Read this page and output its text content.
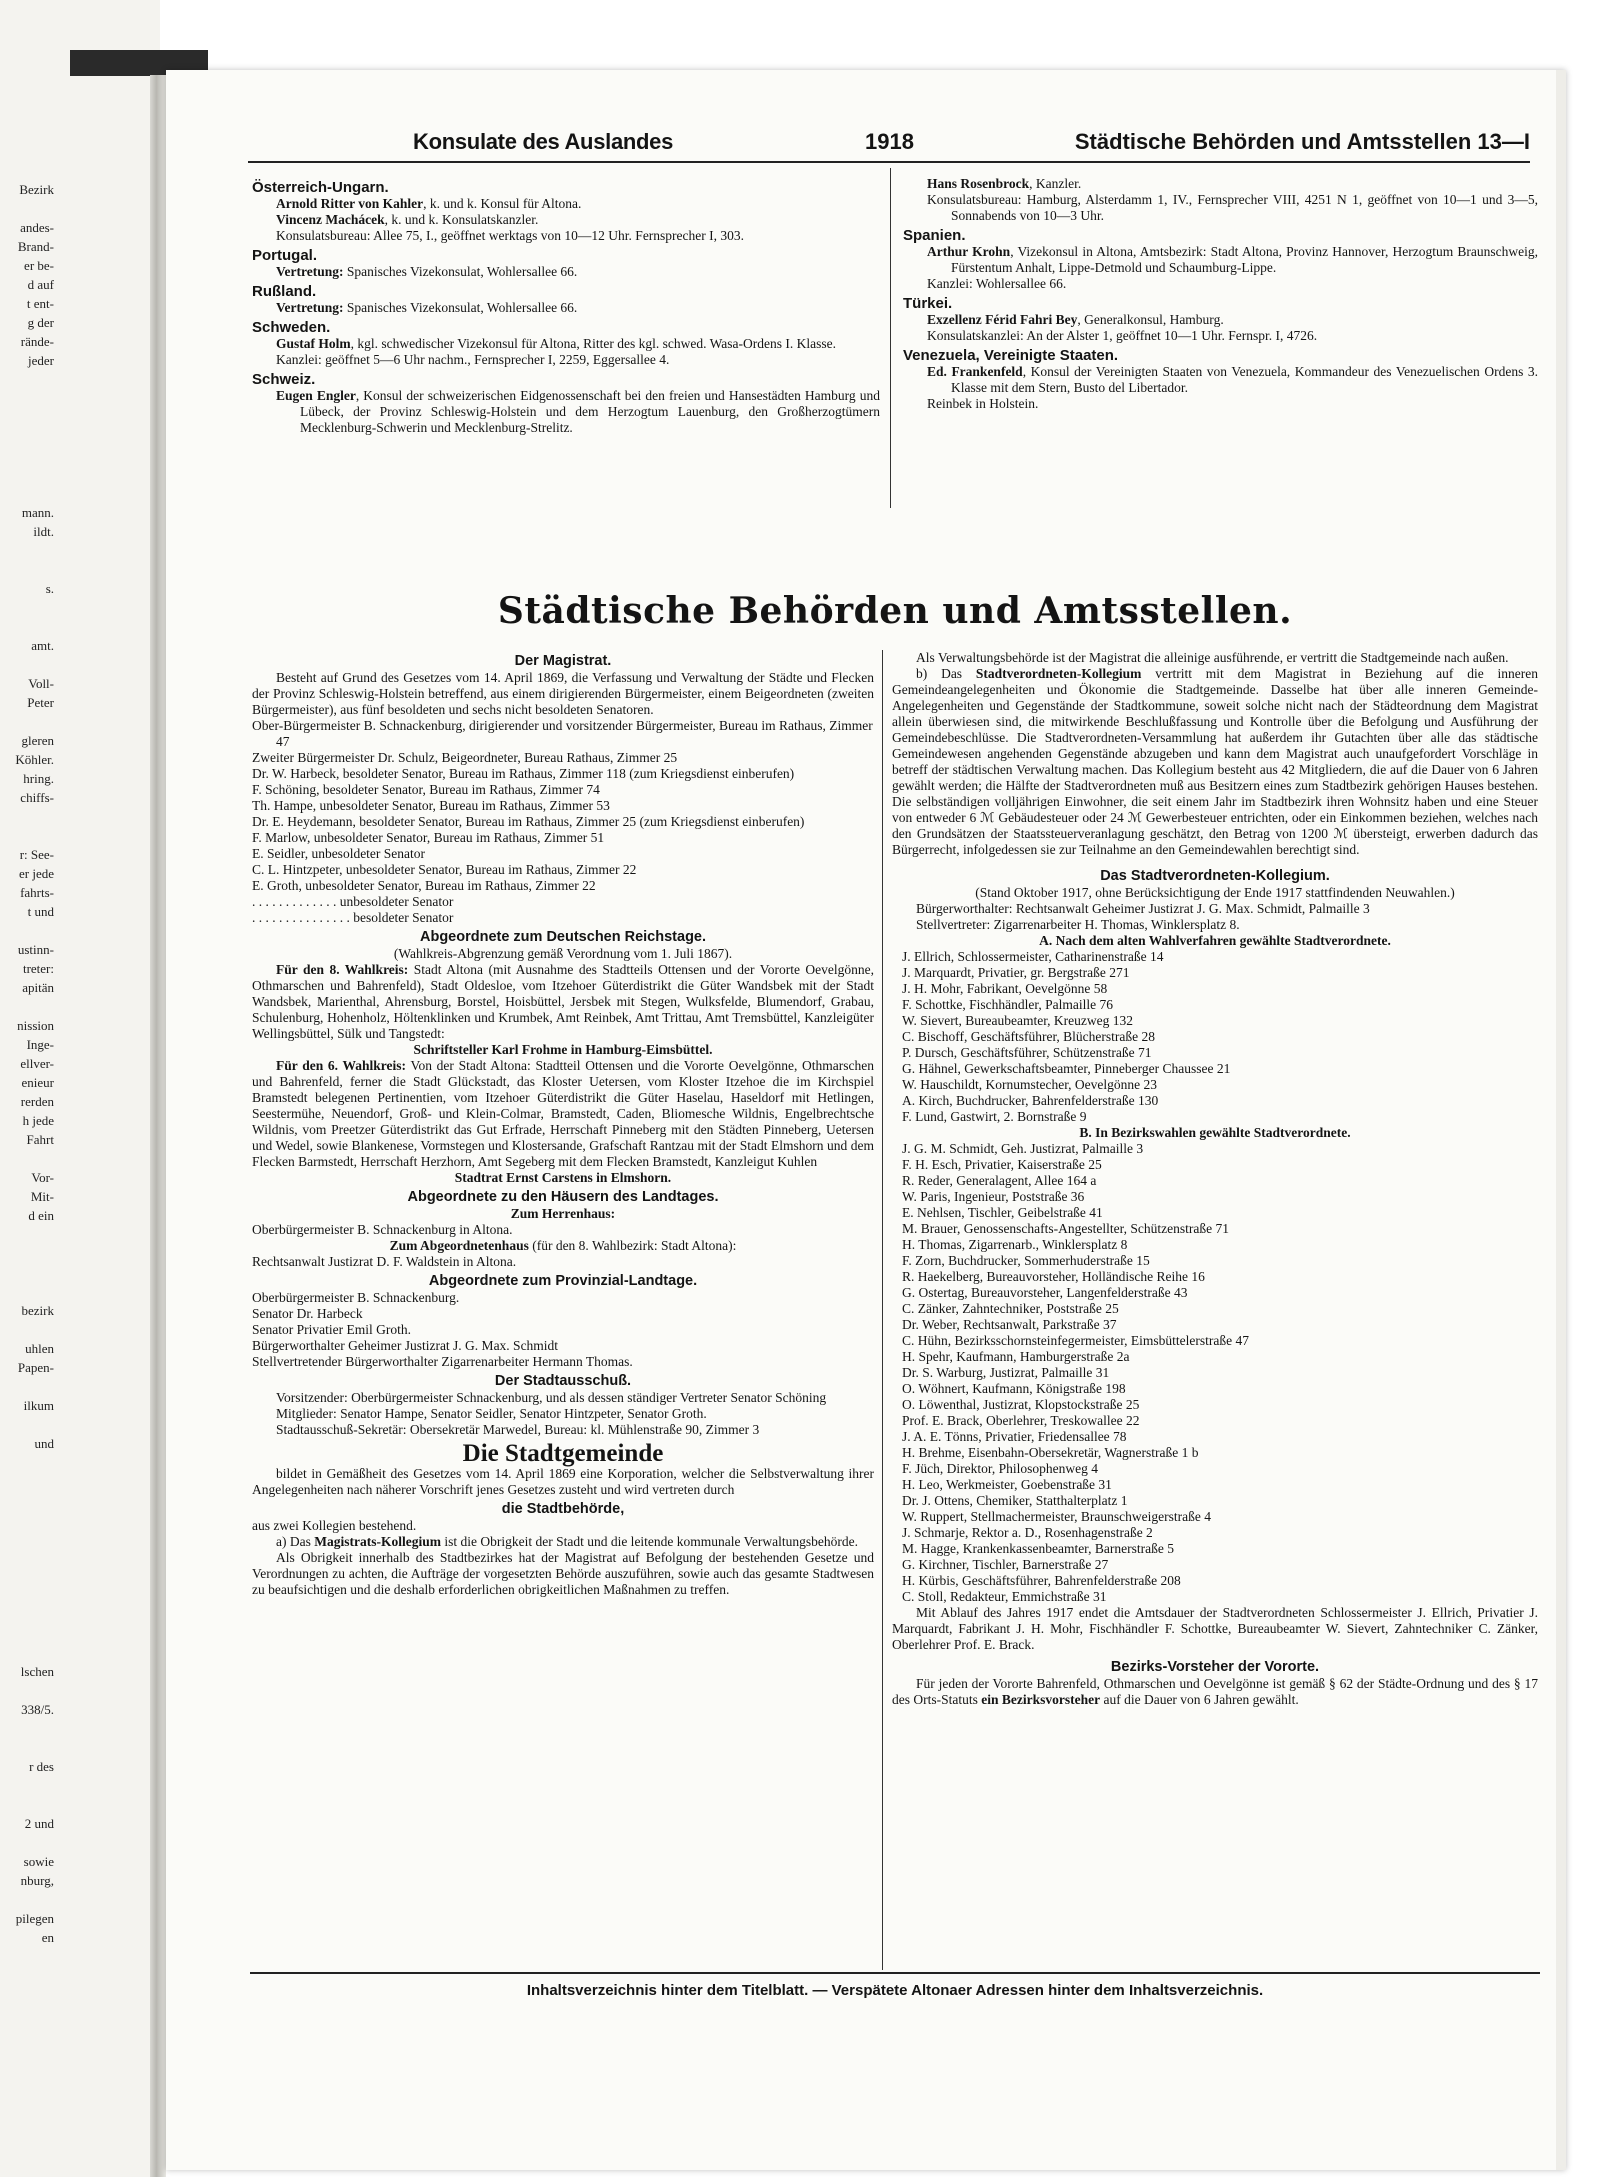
Bezirk

andes-
Brand-
er be-
d auf
t ent-
g der
rände-
jeder

mann.
ildt.

s.

amt.

Voll-
Peter

gleren
Köhler.
hring.
chiffs-

r: See-
er jede
fahrts-
t und

ustinn-
treter:
apitän

nission
Inge-
ellver-
enieur
rerden
h jede
Fahrt

Vor-
Mit-
d ein

bezirk

uhlen
Papen-

ilkum

und

lschen

338/5.

r des

2 und

sowie
nburg,

pilegen
en
Konsulate des Auslandes	1918	Städtische Behörden und Amtsstellen 13—I
Österreich-Ungarn.
Arnold Ritter von Kahler, k. und k. Konsul für Altona.
Vincenz Machácek, k. und k. Konsulatskanzler.
Konsulatsbureau: Allee 75, I., geöffnet werktags von 10—12 Uhr. Fernsprecher I, 303.
Portugal.
Vertretung: Spanisches Vizekonsulat, Wohlersallee 66.
Rußland.
Vertretung: Spanisches Vizekonsulat, Wohlersallee 66.
Schweden.
Gustaf Holm, kgl. schwedischer Vizekonsul für Altona, Ritter des kgl. schwed. Wasa-Ordens I. Klasse.
Kanzlei: geöffnet 5—6 Uhr nachm., Fernsprecher I, 2259, Eggersallee 4.
Schweiz.
Eugen Engler, Konsul der schweizerischen Eidgenossenschaft bei den freien und Hansestädten Hamburg und Lübeck, der Provinz Schleswig-Holstein und dem Herzogtum Lauenburg, den Großherzogtümern Mecklenburg-Schwerin und Mecklenburg-Strelitz.
Hans Rosenbrock, Kanzler.
Konsulatsbureau: Hamburg, Alsterdamm 1, IV., Fernsprecher VIII, 4251 N 1, geöffnet von 10—1 und 3—5, Sonnabends von 10—3 Uhr.
Spanien.
Arthur Krohn, Vizekonsul in Altona, Amtsbezirk: Stadt Altona, Provinz Hannover, Herzogtum Braunschweig, Fürstentum Anhalt, Lippe-Detmold und Schaumburg-Lippe.
Kanzlei: Wohlersallee 66.
Türkei.
Exzellenz Férid Fahri Bey, Generalkonsul, Hamburg.
Konsulatskanzlei: An der Alster 1, geöffnet 10—1 Uhr. Fernspr. I, 4726.
Venezuela, Vereinigte Staaten.
Ed. Frankenfeld, Konsul der Vereinigten Staaten von Venezuela, Kommandeur des Venezuelischen Ordens 3. Klasse mit dem Stern, Busto del Libertador.
Reinbek in Holstein.
Städtische Behörden und Amtsstellen.
Der Magistrat.
Besteht auf Grund des Gesetzes vom 14. April 1869, die Verfassung und Verwaltung der Städte und Flecken der Provinz Schleswig-Holstein betreffend, aus einem dirigierenden Bürgermeister, einem Beigeordneten (zweiten Bürgermeister), aus fünf besoldeten und sechs nicht besoldeten Senatoren.
Ober-Bürgermeister B. Schnackenburg, dirigierender und vorsitzender Bürgermeister, Bureau im Rathaus, Zimmer 47
Zweiter Bürgermeister Dr. Schulz, Beigeordneter, Bureau Rathaus, Zimmer 25
Dr. W. Harbeck, besoldeter Senator, Bureau im Rathaus, Zimmer 118 (zum Kriegsdienst einberufen)
F. Schöning, besoldeter Senator, Bureau im Rathaus, Zimmer 74
Th. Hampe, unbesoldeter Senator, Bureau im Rathaus, Zimmer 53
Dr. E. Heydemann, besoldeter Senator, Bureau im Rathaus, Zimmer 25 (zum Kriegsdienst einberufen)
F. Marlow, unbesoldeter Senator, Bureau im Rathaus, Zimmer 51
E. Seidler, unbesoldeter Senator
C. L. Hintzpeter, unbesoldeter Senator, Bureau im Rathaus, Zimmer 22
E. Groth, unbesoldeter Senator, Bureau im Rathaus, Zimmer 22
. . . . . . . . . . . . . unbesoldeter Senator
. . . . . . . . . . . . . . . besoldeter Senator
Abgeordnete zum Deutschen Reichstage.
(Wahlkreis-Abgrenzung gemäß Verordnung vom 1. Juli 1867).
Für den 8. Wahlkreis: Stadt Altona (mit Ausnahme des Stadtteils Ottensen und der Vororte Oevelgönne, Othmarschen und Bahrenfeld), Stadt Oldesloe, vom Itzehoer Güterdistrikt die Güter Wandsbek mit der Stadt Wandsbek, Marienthal, Ahrensburg, Borstel, Hoisbüttel, Jersbek mit Stegen, Wulksfelde, Blumendorf, Grabau, Schulenburg, Hohenholz, Höltenklinken und Krumbek, Amt Reinbek, Amt Trittau, Amt Tremsbüttel, Kanzleigüter Wellingsbüttel, Sülk und Tangstedt:
Schriftsteller Karl Frohme in Hamburg-Eimsbüttel.
Für den 6. Wahlkreis: Von der Stadt Altona: Stadtteil Ottensen und die Vororte Oevelgönne, Othmarschen und Bahrenfeld, ferner die Stadt Glückstadt, das Kloster Uetersen, vom Kloster Itzehoe die im Kirchspiel Bramstedt belegenen Pertinentien, vom Itzehoer Güterdistrikt die Güter Haselau, Haseldorf mit Hetlingen, Seestermühe, Neuendorf, Groß- und Klein-Colmar, Bramstedt, Caden, Bliomesche Wildnis, Engelbrechtsche Wildnis, vom Preetzer Güterdistrikt das Gut Erfrade, Herrschaft Pinneberg mit den Städten Pinneberg, Uetersen und Wedel, sowie Blankenese, Vormstegen und Klostersande, Grafschaft Rantzau mit der Stadt Elmshorn und dem Flecken Barmstedt, Herrschaft Herzhorn, Amt Segeberg mit dem Flecken Bramstedt, Kanzleigut Kuhlen
Stadtrat Ernst Carstens in Elmshorn.
Abgeordnete zu den Häusern des Landtages.
Zum Herrenhaus:
Oberbürgermeister B. Schnackenburg in Altona.
Zum Abgeordnetenhaus (für den 8. Wahlbezirk: Stadt Altona):
Rechtsanwalt Justizrat D. F. Waldstein in Altona.
Abgeordnete zum Provinzial-Landtage.
Oberbürgermeister B. Schnackenburg.
Senator Dr. Harbeck
Senator Privatier Emil Groth.
Bürgerworthalter Geheimer Justizrat J. G. Max. Schmidt
Stellvertretender Bürgerworthalter Zigarrenarbeiter Hermann Thomas.
Der Stadtausschuß.
Vorsitzender: Oberbürgermeister Schnackenburg, und als dessen ständiger Vertreter Senator Schöning
Mitglieder: Senator Hampe, Senator Seidler, Senator Hintzpeter, Senator Groth.
Stadtausschuß-Sekretär: Obersekretär Marwedel, Bureau: kl. Mühlenstraße 90, Zimmer 3
Die Stadtgemeinde
bildet in Gemäßheit des Gesetzes vom 14. April 1869 eine Korporation, welcher die Selbstverwaltung ihrer Angelegenheiten nach näherer Vorschrift jenes Gesetzes zusteht und wird vertreten durch
die Stadtbehörde,
aus zwei Kollegien bestehend.
a) Das Magistrats-Kollegium ist die Obrigkeit der Stadt und die leitende kommunale Verwaltungsbehörde.
Als Obrigkeit innerhalb des Stadtbezirkes hat der Magistrat auf Befolgung der bestehenden Gesetze und Verordnungen zu achten, die Aufträge der vorgesetzten Behörde auszuführen, sowie auch das gesamte Stadtwesen zu beaufsichtigen und die deshalb erforderlichen obrigkeitlichen Maßnahmen zu treffen.
Als Verwaltungsbehörde ist der Magistrat die alleinige ausführende, er vertritt die Stadtgemeinde nach außen.
b) Das Stadtverordneten-Kollegium vertritt mit dem Magistrat in Beziehung auf die inneren Gemeindeangelegenheiten und Ökonomie die Stadtgemeinde. Dasselbe hat über alle inneren Gemeinde-Angelegenheiten und Gegenstände der Stadtkommune, soweit solche nicht nach der Städteordnung dem Magistrat allein überwiesen sind, die mitwirkende Beschlußfassung und Kontrolle über die Befolgung und Ausführung der Gemeindebeschlüsse. Die Stadtverordneten-Versammlung hat außerdem ihr Gutachten über alle das städtische Gemeindewesen angehenden Gegenstände abzugeben und kann dem Magistrat auch unaufgefordert Vorschläge in betreff der städtischen Verwaltung machen. Das Kollegium besteht aus 42 Mitgliedern, die auf die Dauer von 6 Jahren gewählt werden; die Hälfte der Stadtverordneten muß aus Besitzern eines zum Stadtbezirk gehörigen Hauses bestehen. Die selbständigen volljährigen Einwohner, die seit einem Jahr im Stadtbezirk ihren Wohnsitz haben und eine Steuer von entweder 6 ℳ Gebäudesteuer oder 24 ℳ Gewerbesteuer entrichten, oder ein Einkommen beziehen, welches nach den Grundsätzen der Staatssteuerveranlagung geschätzt, den Betrag von 1200 ℳ übersteigt, erwerben dadurch das Bürgerrecht, infolgedessen sie zur Teilnahme an den Gemeindewahlen berechtigt sind.
Das Stadtverordneten-Kollegium.
(Stand Oktober 1917, ohne Berücksichtigung der Ende 1917 stattfindenden Neuwahlen.)
Bürgerworthalter: Rechtsanwalt Geheimer Justizrat J. G. Max. Schmidt, Palmaille 3
Stellvertreter: Zigarrenarbeiter H. Thomas, Winklersplatz 8.
A. Nach dem alten Wahlverfahren gewählte Stadtverordnete.
J. Ellrich, Schlossermeister, Catharinenstraße 14
J. Marquardt, Privatier, gr. Bergstraße 271
J. H. Mohr, Fabrikant, Oevelgönne 58
F. Schottke, Fischhändler, Palmaille 76
W. Sievert, Bureaubeamter, Kreuzweg 132
C. Bischoff, Geschäftsführer, Blücherstraße 28
P. Dursch, Geschäftsführer, Schützenstraße 71
G. Hähnel, Gewerkschaftsbeamter, Pinneberger Chaussee 21
W. Hauschildt, Kornumstecher, Oevelgönne 23
A. Kirch, Buchdrucker, Bahrenfelderstraße 130
F. Lund, Gastwirt, 2. Bornstraße 9
B. In Bezirkswahlen gewählte Stadtverordnete.
J. G. M. Schmidt, Geh. Justizrat, Palmaille 3
F. H. Esch, Privatier, Kaiserstraße 25
R. Reder, Generalagent, Allee 164 a
W. Paris, Ingenieur, Poststraße 36
E. Nehlsen, Tischler, Geibelstraße 41
M. Brauer, Genossenschafts-Angestellter, Schützenstraße 71
H. Thomas, Zigarrenarb., Winklersplatz 8
F. Zorn, Buchdrucker, Sommerhuderstraße 15
R. Haekelberg, Bureauvorsteher, Holländische Reihe 16
G. Ostertag, Bureauvorsteher, Langenfelderstraße 43
C. Zänker, Zahntechniker, Poststraße 25
Dr. Weber, Rechtsanwalt, Parkstraße 37
C. Hühn, Bezirksschornsteinfegermeister, Eimsbüttelerstraße 47
H. Spehr, Kaufmann, Hamburgerstraße 2a
Dr. S. Warburg, Justizrat, Palmaille 31
O. Wöhnert, Kaufmann, Königstraße 198
O. Löwenthal, Justizrat, Klopstockstraße 25
Prof. E. Brack, Oberlehrer, Treskowallee 22
J. A. E. Tönns, Privatier, Friedensallee 78
H. Brehme, Eisenbahn-Obersekretär, Wagnerstraße 1 b
F. Jüch, Direktor, Philosophenweg 4
H. Leo, Werkmeister, Goebenstraße 31
Dr. J. Ottens, Chemiker, Statthalterplatz 1
W. Ruppert, Stellmachermeister, Braunschweigerstraße 4
J. Schmarje, Rektor a. D., Rosenhagenstraße 2
M. Hagge, Krankenkassenbeamter, Barnerstraße 5
G. Kirchner, Tischler, Barnerstraße 27
H. Kürbis, Geschäftsführer, Bahrenfelderstraße 208
C. Stoll, Redakteur, Emmichstraße 31
Mit Ablauf des Jahres 1917 endet die Amtsdauer der Stadtverordneten Schlossermeister J. Ellrich, Privatier J. Marquardt, Fabrikant J. H. Mohr, Fischhändler F. Schottke, Bureaubeamter W. Sievert, Zahntechniker C. Zänker, Oberlehrer Prof. E. Brack.
Bezirks-Vorsteher der Vororte.
Für jeden der Vororte Bahrenfeld, Othmarschen und Oevelgönne ist gemäß § 62 der Städte-Ordnung und des § 17 des Orts-Statuts ein Bezirksvorsteher auf die Dauer von 6 Jahren gewählt.
Inhaltsverzeichnis hinter dem Titelblatt. — Verspätete Altonaer Adressen hinter dem Inhaltsverzeichnis.
